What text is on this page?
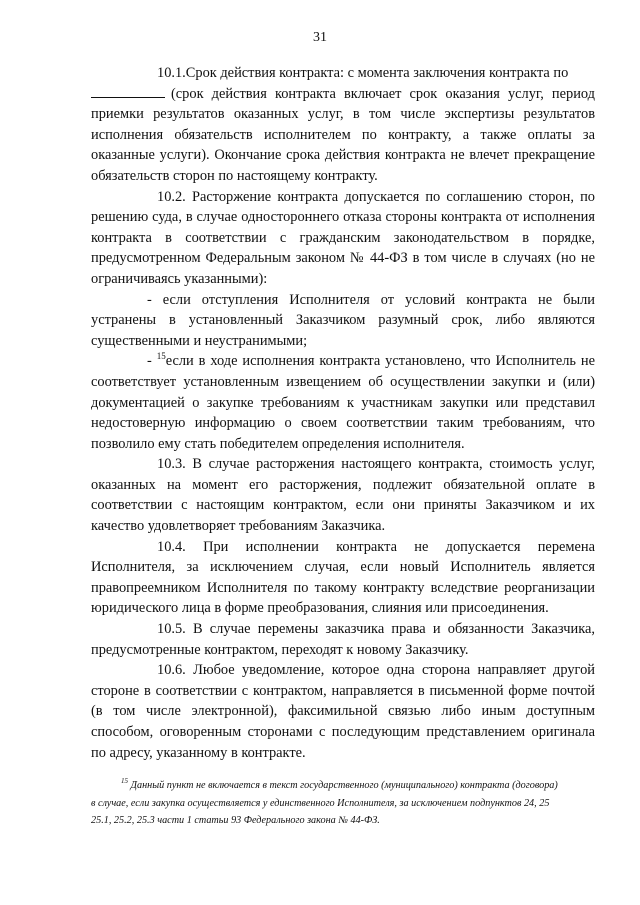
31

10.1.Срок действия контракта: с момента заключения контракта по
(срок действия контракта включает срок оказания услуг, период приемки результатов оказанных услуг, в том числе экспертизы результатов исполнения обязательств исполнителем по контракту, а также оплаты за оказанные услуги). Окончание срока действия контракта не влечет прекращение обязательств сторон по настоящему контракту.

10.2. Расторжение контракта допускается по соглашению сторон, по решению суда, в случае одностороннего отказа стороны контракта от исполнения контракта в соответствии с гражданским законодательством в порядке, предусмотренном Федеральным законом № 44-ФЗ в том числе в случаях (но не ограничиваясь указанными):

- если отступления Исполнителя от условий контракта не были устранены в установленный Заказчиком разумный срок, либо являются существенными и неустранимыми;

- $^{15}$если в ходе исполнения контракта установлено, что Исполнитель не соответствует установленным извещением об осуществлении закупки и (или) документацией о закупке требованиям к участникам закупки или представил недостоверную информацию о своем соответствии таким требованиям, что позволило ему стать победителем определения исполнителя.

10.3. В случае расторжения настоящего контракта, стоимость услуг, оказанных на момент его расторжения, подлежит обязательной оплате в соответствии с настоящим контрактом, если они приняты Заказчиком и их качество удовлетворяет требованиям Заказчика.

10.4. При исполнении контракта не допускается перемена Исполнителя, за исключением случая, если новый Исполнитель является правопреемником Исполнителя по такому контракту вследствие реорганизации юридического лица в форме преобразования, слияния или присоединения.

10.5. В случае перемены заказчика права и обязанности Заказчика, предусмотренные контрактом, переходят к новому Заказчику.

10.6. Любое уведомление, которое одна сторона направляет другой стороне в соответствии с контрактом, направляется в письменной форме почтой (в том числе электронной), факсимильной связью либо иным доступным способом, оговоренным сторонами с последующим представлением оригинала по адресу, указанному в контракте.

$^{15}$ Данный пункт не включается в текст государственного (муниципального) контракта (договора)

в случае, если закупка осуществляется у единственного Исполнителя, за исключением подпунктов 24, 25

25.1, 25.2, 25.3 части 1 статьи 93 Федерального закона № 44-ФЗ.
